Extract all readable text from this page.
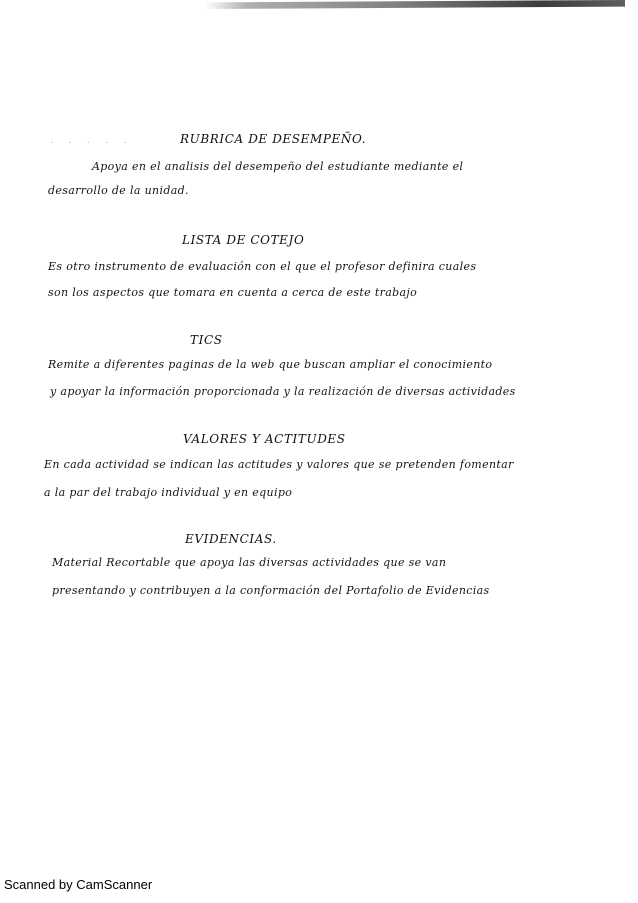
· · · · ·	RUBRICA DE DESEMPEÑO.
Apoya en el analisis del desempeño del estudiante mediante el
desarrollo de la unidad.
LISTA DE COTEJO
Es otro instrumento de evaluación con el que el profesor definira cuales
son los aspectos que tomara en cuenta a cerca de este trabajo
TICS
Remite a diferentes paginas de la web que buscan ampliar el conocimiento
y apoyar la información proporcionada y la realización de diversas actividades
VALORES Y ACTITUDES
En cada actividad se indican las actitudes y valores que se pretenden fomentar
a la par del trabajo individual y en equipo
EVIDENCIAS.
Material Recortable que apoya las diversas actividades que se van
presentando y contribuyen a la conformación del Portafolio de Evidencias
Scanned by CamScanner
